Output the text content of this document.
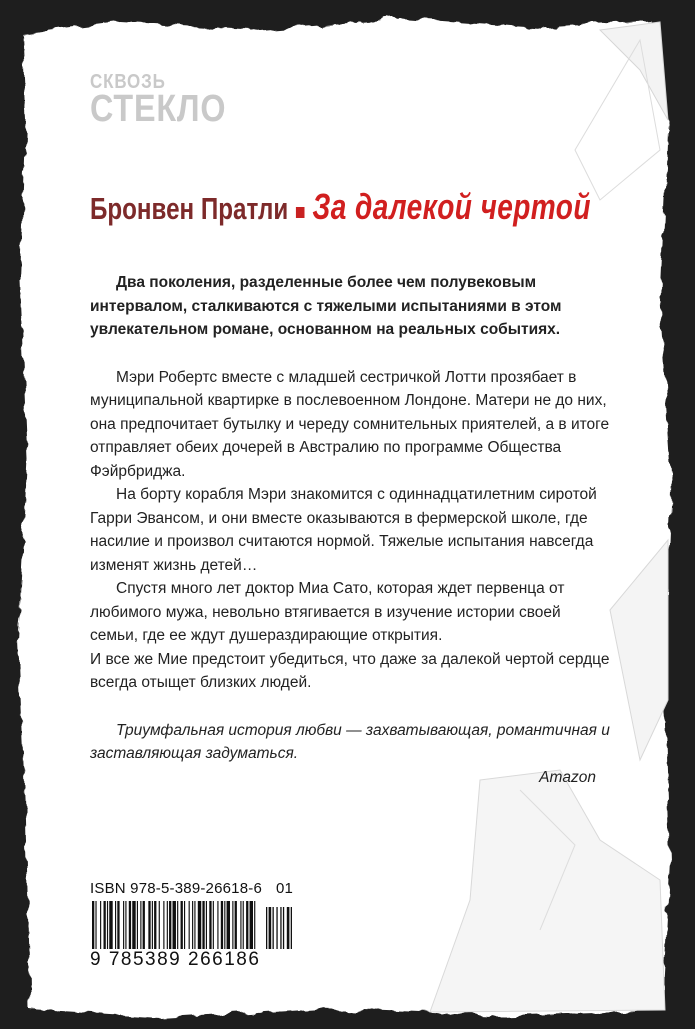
СКВОЗЬ
СТЕКЛО
Бронвен Пратли За далекой чертой

Два поколения, разделенные более чем полувековым интервалом, сталкиваются с тяжелыми испытаниями в этом увлекательном романе, основанном на реальных событиях.

Мэри Робертс вместе с младшей сестричкой Лотти прозябает в муниципальной квартирке в послевоенном Лондоне. Матери не до них, она предпочитает бутылку и череду сомнительных приятелей, а в итоге отправляет обеих дочерей в Австралию по программе Общества Фэйрбриджа.

На борту корабля Мэри знакомится с одиннадцатилетним сиротой Гарри Эвансом, и они вместе оказываются в фермерской школе, где насилие и произвол считаются нормой. Тяжелые испытания навсегда изменят жизнь детей…

Спустя много лет доктор Миа Сато, которая ждет первенца от любимого мужа, невольно втягивается в изучение истории своей семьи, где ее ждут душераздирающие открытия.

И все же Мие предстоит убедиться, что даже за далекой чертой сердце всегда отыщет близких людей.

Триумфальная история любви — захватывающая, романтичная и заставляющая задуматься.

Amazon

ISBN 978-5-389-26618-6 01
9 785389 266186
